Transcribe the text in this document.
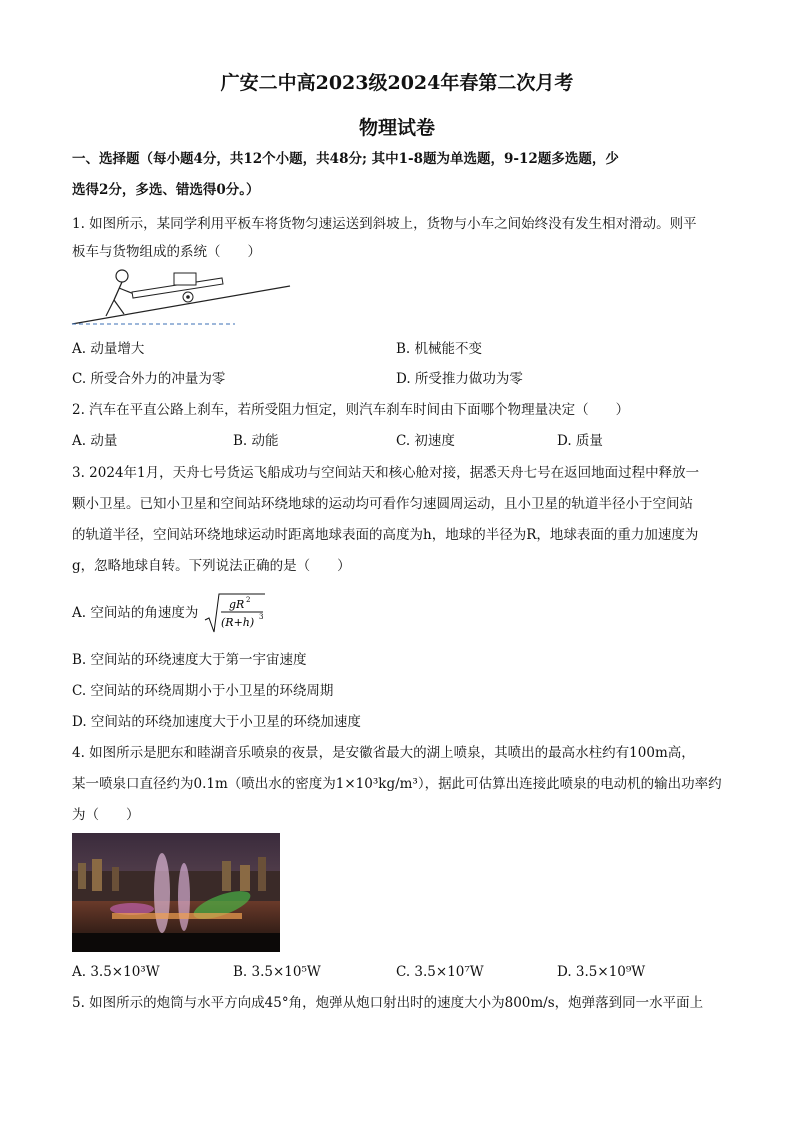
广安二中高2023级2024年春第二次月考
物理试卷
一、选择题（每小题4分，共12个小题，共48分; 其中1-8题为单选题，9-12题多选题，少
选得2分，多选、错选得0分。）
1. 如图所示，某同学利用平板车将货物匀速运送到斜坡上，货物与小车之间始终没有发生相对滑动。则平
板车与货物组成的系统（　　）
A. 动量增大	B. 机械能不变
C. 所受合外力的冲量为零	D. 所受推力做功为零
2. 汽车在平直公路上刹车，若所受阻力恒定，则汽车刹车时间由下面哪个物理量决定（　　）
A. 动量	B. 动能	C. 初速度	D. 质量
3. 2024年1月，天舟七号货运飞船成功与空间站天和核心舱对接，据悉天舟七号在返回地面过程中释放一
颗小卫星。已知小卫星和空间站环绕地球的运动均可看作匀速圆周运动，且小卫星的轨道半径小于空间站
的轨道半径，空间站环绕地球运动时距离地球表面的高度为h，地球的半径为R，地球表面的重力加速度为
g，忽略地球自转。下列说法正确的是（　　）
A. 空间站的角速度为
gR 2
(R+h) 3
B. 空间站的环绕速度大于第一宇宙速度
C. 空间站的环绕周期小于小卫星的环绕周期
D. 空间站的环绕加速度大于小卫星的环绕加速度
4. 如图所示是肥东和睦湖音乐喷泉的夜景，是安徽省最大的湖上喷泉，其喷出的最高水柱约有100m高，
某一喷泉口直径约为0.1m（喷出水的密度为1×10³kg/m³），据此可估算出连接此喷泉的电动机的输出功率约
为（　　）
A. 3.5×10³W	B. 3.5×10⁵W	C. 3.5×10⁷W	D. 3.5×10⁹W
5. 如图所示的炮筒与水平方向成45°角，炮弹从炮口射出时的速度大小为800m/s，炮弹落到同一水平面上
